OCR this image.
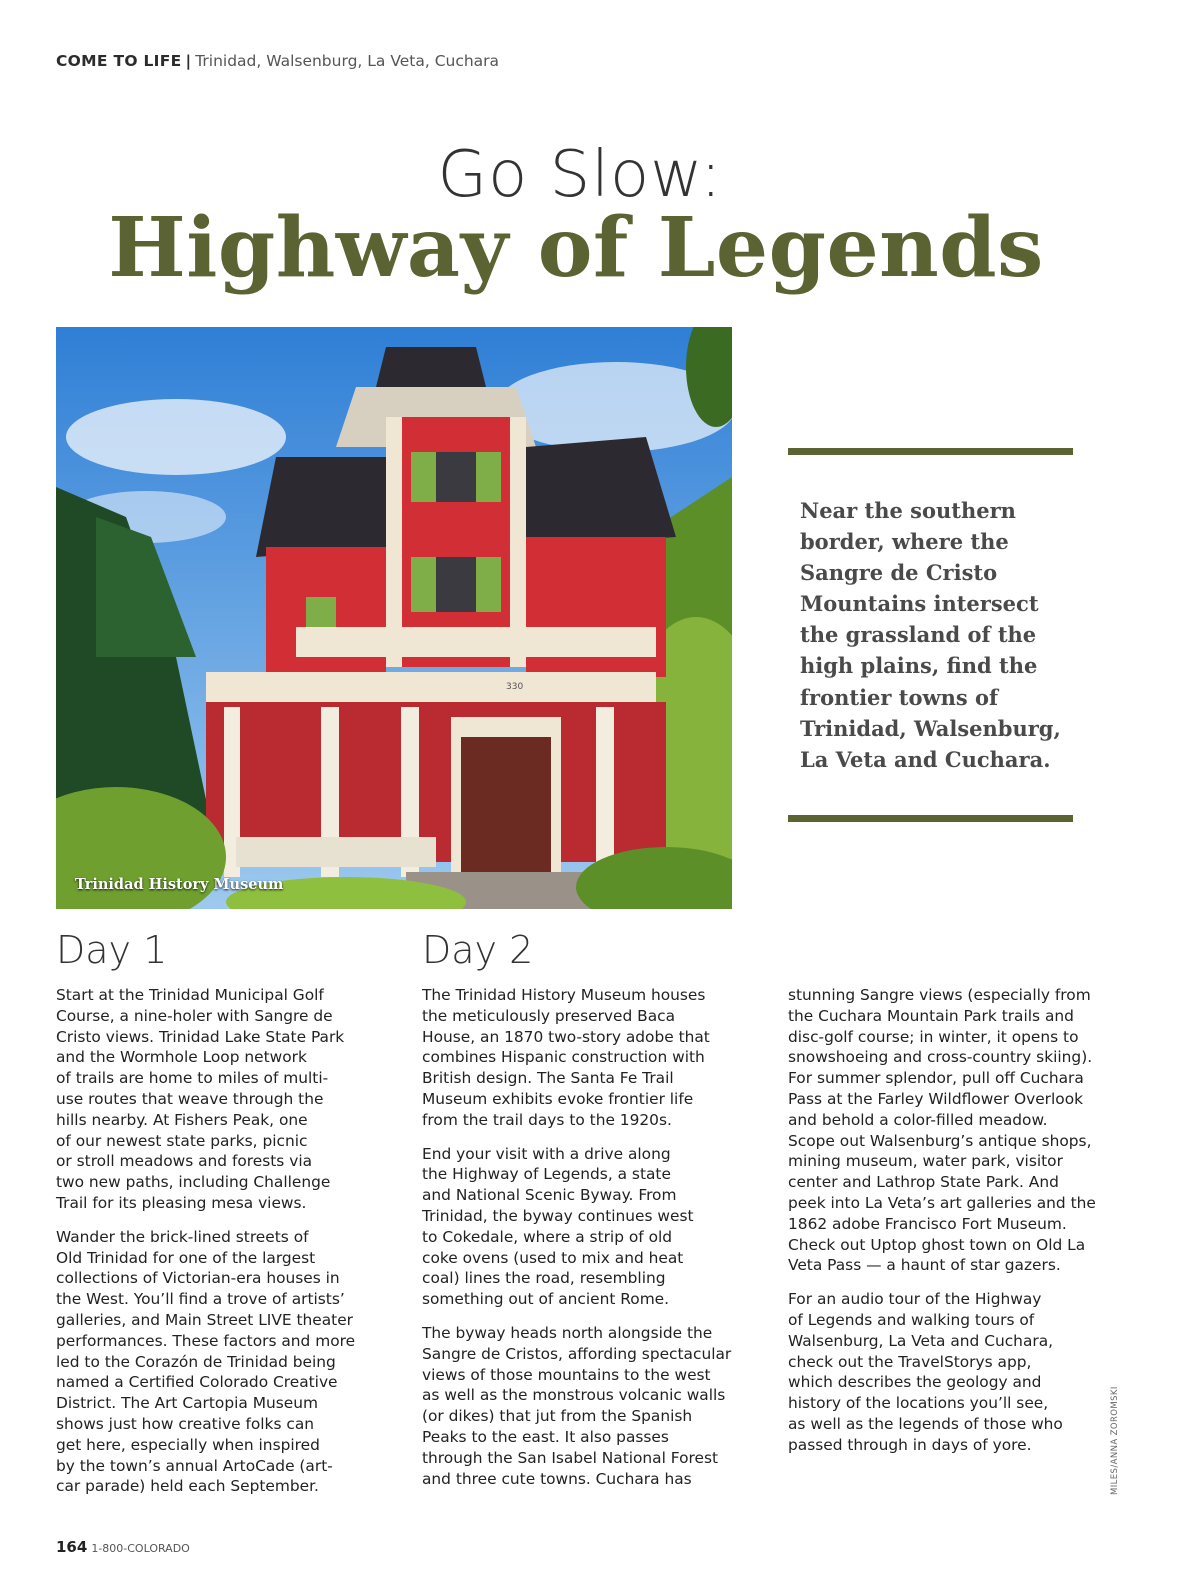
COME TO LIFE | Trinidad, Walsenburg, La Veta, Cuchara
Go Slow:
Highway of Legends
330
Trinidad History Museum

Near the southern
border, where the
Sangre de Cristo
Mountains intersect
the grassland of the
high plains, find the
frontier towns of
Trinidad, Walsenburg,
La Veta and Cuchara.

Day 1	Day 2

Start at the Trinidad Municipal Golf
Course, a nine-holer with Sangre de
Cristo views. Trinidad Lake State Park
and the Wormhole Loop network
of trails are home to miles of multi-
use routes that weave through the
hills nearby. At Fishers Peak, one
of our newest state parks, picnic
or stroll meadows and forests via
two new paths, including Challenge
Trail for its pleasing mesa views.

Wander the brick-lined streets of
Old Trinidad for one of the largest
collections of Victorian-era houses in
the West. You’ll find a trove of artists’
galleries, and Main Street LIVE theater
performances. These factors and more
led to the Corazón de Trinidad being
named a Certified Colorado Creative
District. The Art Cartopia Museum
shows just how creative folks can
get here, especially when inspired
by the town’s annual ArtoCade (art-
car parade) held each September.

The Trinidad History Museum houses
the meticulously preserved Baca
House, an 1870 two-story adobe that
combines Hispanic construction with
British design. The Santa Fe Trail
Museum exhibits evoke frontier life
from the trail days to the 1920s.

End your visit with a drive along
the Highway of Legends, a state
and National Scenic Byway. From
Trinidad, the byway continues west
to Cokedale, where a strip of old
coke ovens (used to mix and heat
coal) lines the road, resembling
something out of ancient Rome.

The byway heads north alongside the
Sangre de Cristos, affording spectacular
views of those mountains to the west
as well as the monstrous volcanic walls
(or dikes) that jut from the Spanish
Peaks to the east. It also passes
through the San Isabel National Forest
and three cute towns. Cuchara has

stunning Sangre views (especially from
the Cuchara Mountain Park trails and
disc-golf course; in winter, it opens to
snowshoeing and cross-country skiing).
For summer splendor, pull off Cuchara
Pass at the Farley Wildflower Overlook
and behold a color-filled meadow.
Scope out Walsenburg’s antique shops,
mining museum, water park, visitor
center and Lathrop State Park. And
peek into La Veta’s art galleries and the
1862 adobe Francisco Fort Museum.
Check out Uptop ghost town on Old La
Veta Pass — a haunt of star gazers.

For an audio tour of the Highway
of Legends and walking tours of
Walsenburg, La Veta and Cuchara,
check out the TravelStorys app,
which describes the geology and
history of the locations you’ll see,
as well as the legends of those who
passed through in days of yore.	MILES/ANNA ZOROMSKI
164 1-800-COLORADO
